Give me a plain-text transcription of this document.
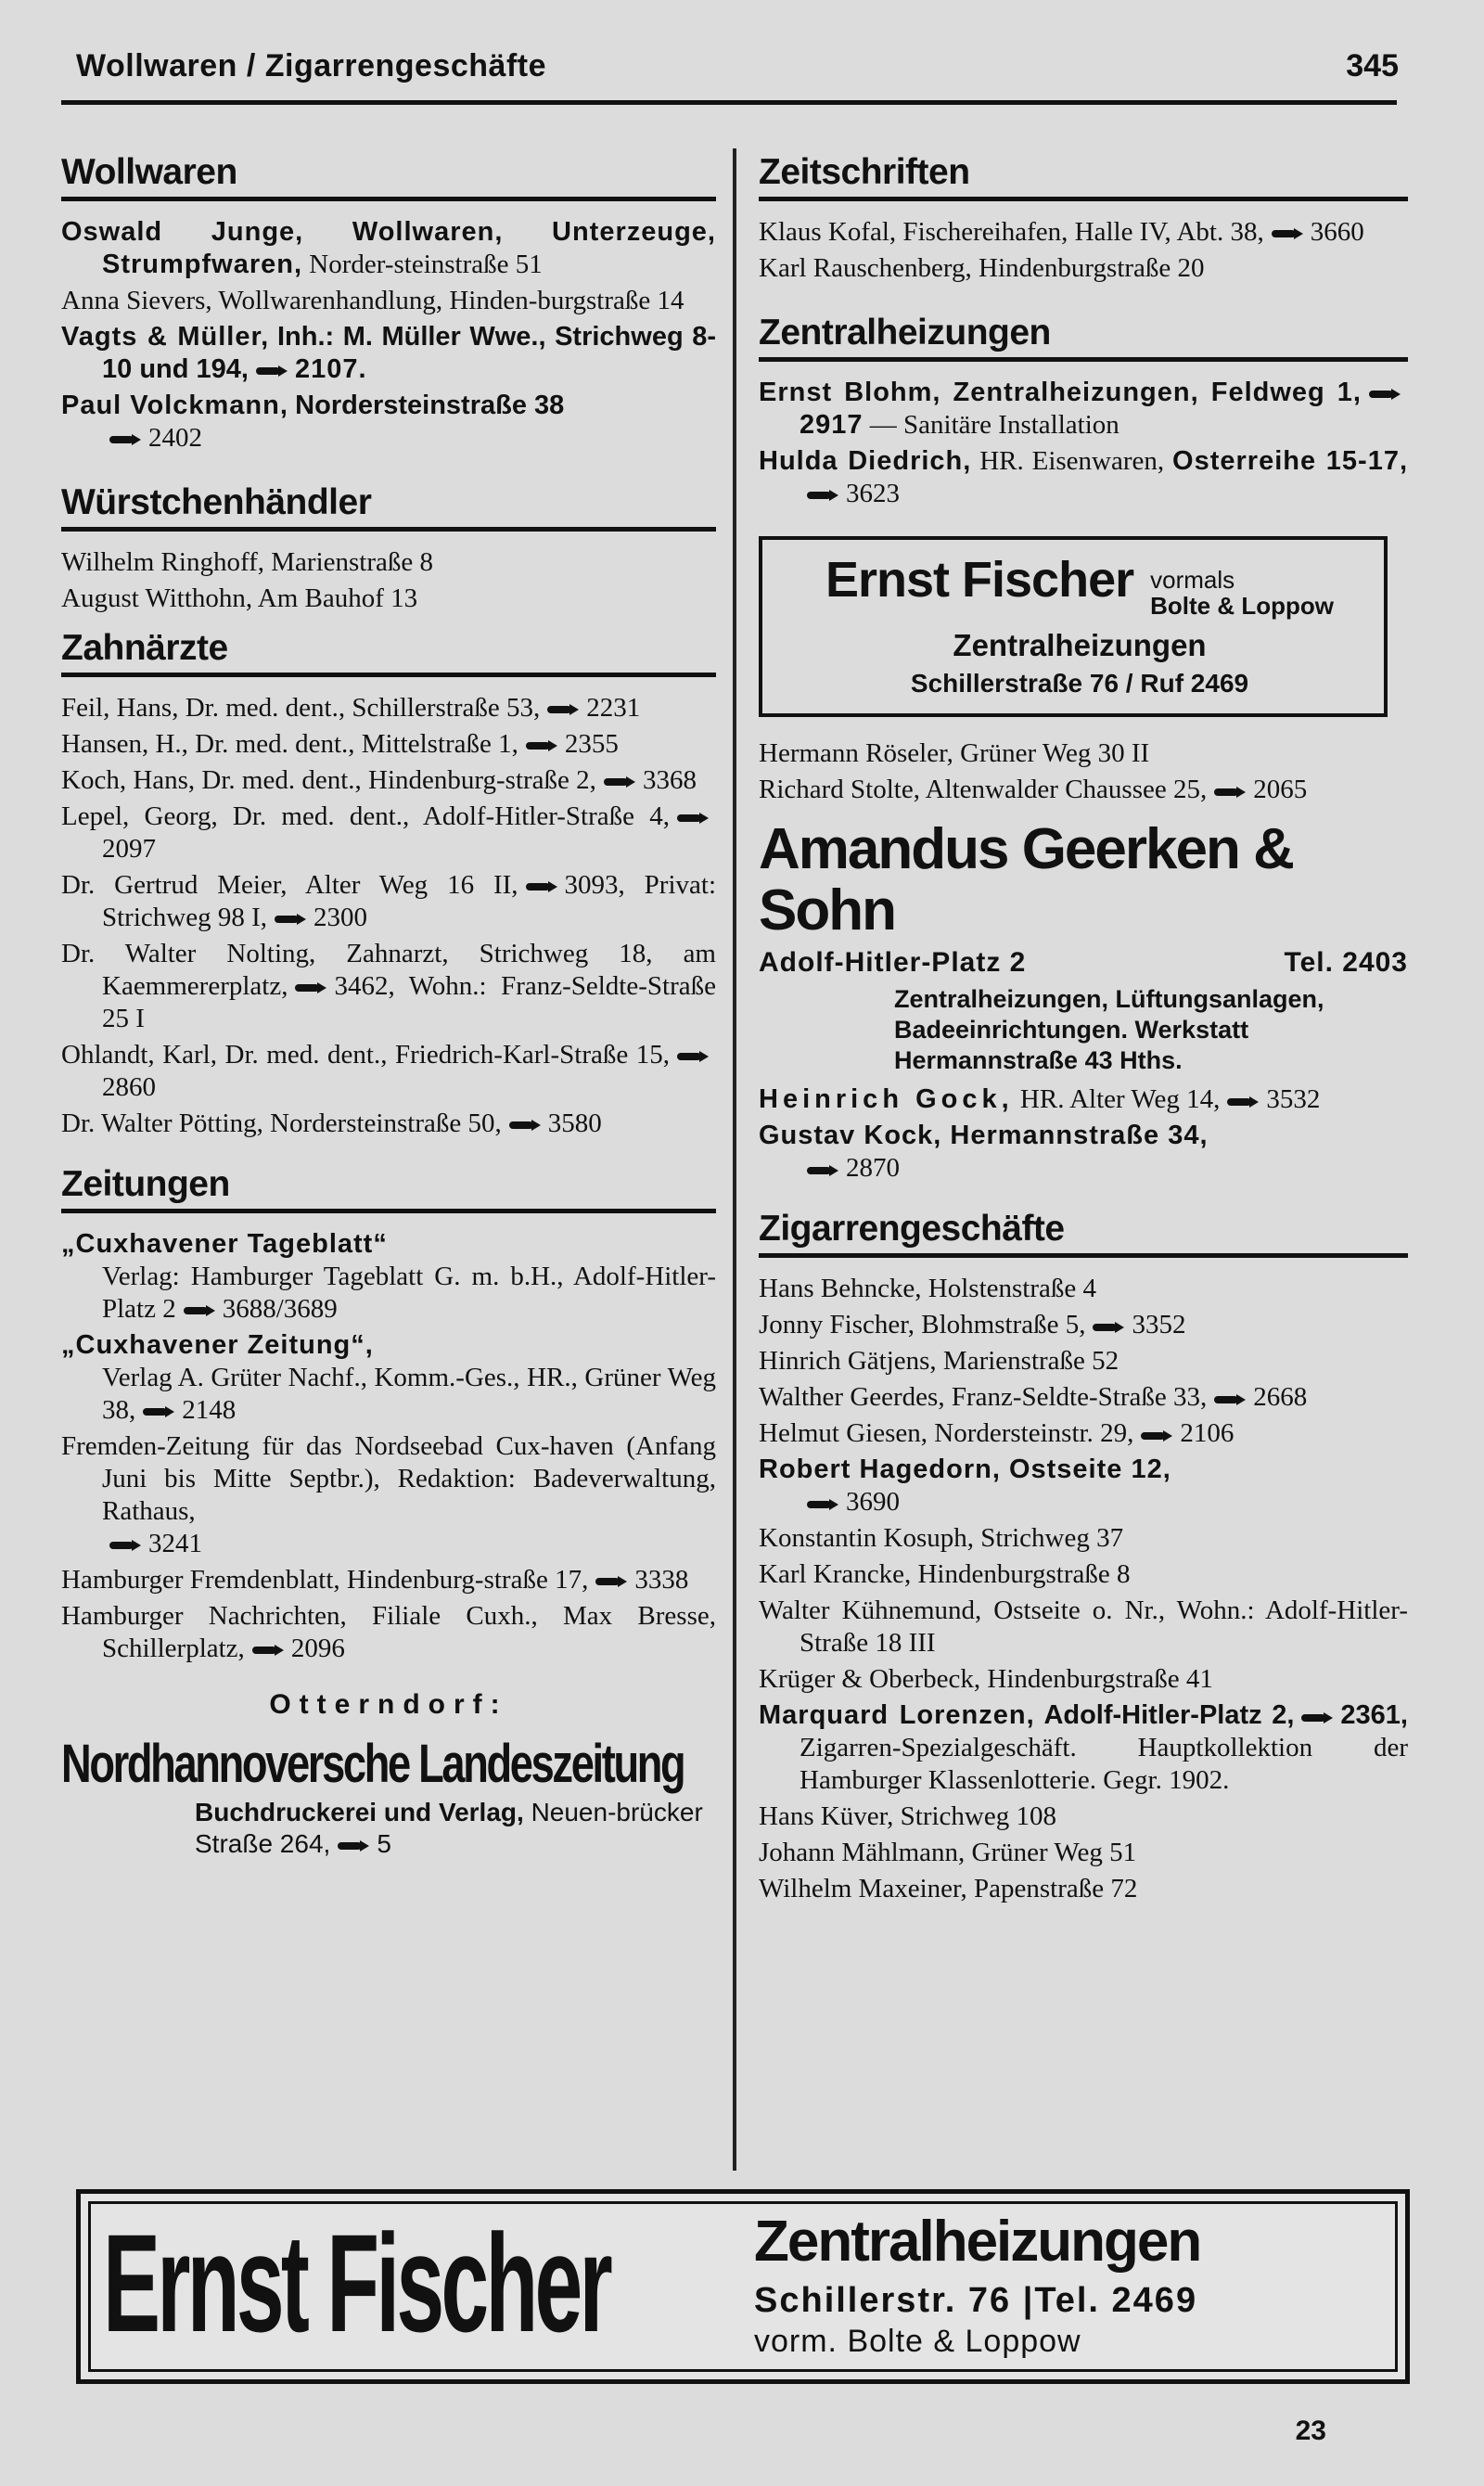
Wollwaren / Zigarrengeschäfte	345
Wollwaren

Oswald Junge, Wollwaren, Unterzeuge, Strumpfwaren, Norder-steinstraße 51

Anna Sievers, Wollwarenhandlung, Hinden-burgstraße 14

Vagts & Müller, Inh.: M. Müller Wwe., Strichweg 8-10 und 194, 2107.

Paul Volckmann, Nordersteinstraße 38
2402

Würstchenhändler

Wilhelm Ringhoff, Marienstraße 8

August Witthohn, Am Bauhof 13

Zahnärzte

Feil, Hans, Dr. med. dent., Schillerstraße 53, 2231

Hansen, H., Dr. med. dent., Mittelstraße 1, 2355

Koch, Hans, Dr. med. dent., Hindenburg-straße 2, 3368

Lepel, Georg, Dr. med. dent., Adolf-Hitler-Straße 4,2097

Dr. Gertrud Meier, Alter Weg 16 II, 3093, Privat: Strichweg 98 I, 2300

Dr. Walter Nolting, Zahnarzt, Strichweg 18, am Kaemmererplatz, 3462, Wohn.: Franz-Seldte-Straße 25 I

Ohlandt, Karl, Dr. med. dent., Friedrich-Karl-Straße 15,2860

Dr. Walter Pötting, Nordersteinstraße 50, 3580

Zeitungen

„Cuxhavener Tageblatt“
Verlag: Hamburger Tageblatt G. m. b.H., Adolf-Hitler-Platz 2 3688/3689

„Cuxhavener Zeitung“,
Verlag A. Grüter Nachf., Komm.-Ges., HR., Grüner Weg 38, 2148

Fremden-Zeitung für das Nordseebad Cux-haven (Anfang Juni bis Mitte Septbr.), Redaktion: Badeverwaltung, Rathaus,
3241

Hamburger Fremdenblatt, Hindenburg-straße 17, 3338

Hamburger Nachrichten, Filiale Cuxh., Max Bresse, Schillerplatz, 2096

Otterndorf:
Nordhannoversche Landeszeitung
Buchdruckerei und Verlag, Neuen-brücker Straße 264, 5
Zeitschriften

Klaus Kofal, Fischereihafen, Halle IV, Abt. 38, 3660

Karl Rauschenberg, Hindenburgstraße 20

Zentralheizungen

Ernst Blohm, Zentralheizungen, Feldweg 1,2917 — Sanitäre Installation

Hulda Diedrich, HR. Eisenwaren, Osterreihe 15-17,3623

Ernst Fischer vormals
Bolte & Loppow
Zentralheizungen
Schillerstraße 76 / Ruf 2469

Hermann Röseler, Grüner Weg 30 II

Richard Stolte, Altenwalder Chaussee 25, 2065

Amandus Geerken & Sohn
Adolf-Hitler-Platz 2	Tel. 2403
Zentralheizungen, Lüftungsanlagen, Badeeinrichtungen. Werkstatt Hermannstraße 43 Hths.

Heinrich Gock, HR. Alter Weg 14, 3532

Gustav Kock, Hermannstraße 34,
2870

Zigarrengeschäfte

Hans Behncke, Holstenstraße 4

Jonny Fischer, Blohmstraße 5, 3352

Hinrich Gätjens, Marienstraße 52

Walther Geerdes, Franz-Seldte-Straße 33, 2668

Helmut Giesen, Nordersteinstr. 29, 2106

Robert Hagedorn, Ostseite 12,
3690

Konstantin Kosuph, Strichweg 37

Karl Krancke, Hindenburgstraße 8

Walter Kühnemund, Ostseite o. Nr., Wohn.: Adolf-Hitler-Straße 18 III

Krüger & Oberbeck, Hindenburgstraße 41

Marquard Lorenzen, Adolf-Hitler-Platz 2, 2361, Zigarren-Spezialgeschäft. Hauptkollektion der Hamburger Klassenlotterie. Gegr. 1902.

Hans Küver, Strichweg 108

Johann Mählmann, Grüner Weg 51

Wilhelm Maxeiner, Papenstraße 72

Ernst Fischer	Zentralheizungen
Schillerstr. 76 |Tel. 2469
vorm. Bolte & Loppow
23
